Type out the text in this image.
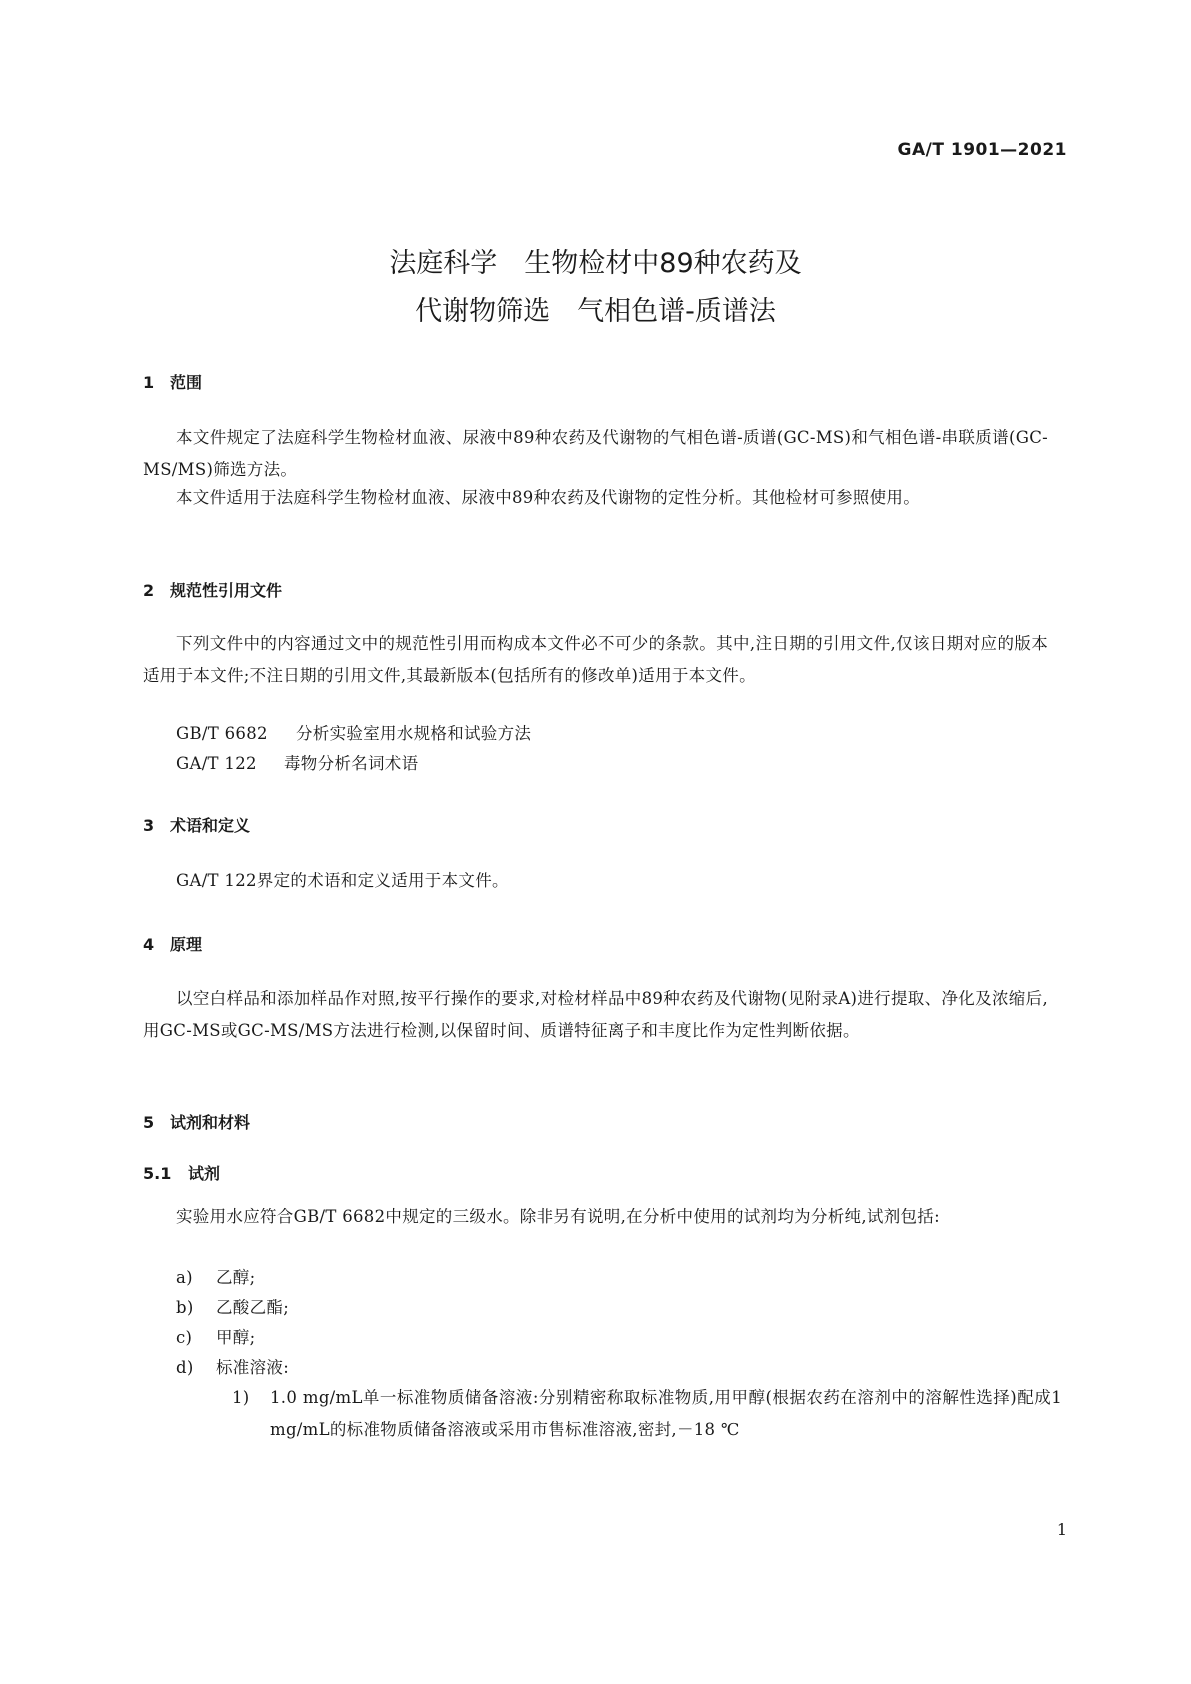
GA/T 1901—2021
法庭科学　生物检材中89种农药及
代谢物筛选　气相色谱-质谱法
1 范围
本文件规定了法庭科学生物检材血液、尿液中89种农药及代谢物的气相色谱-质谱(GC-MS)和气相色谱-串联质谱(GC-MS/MS)筛选方法。
本文件适用于法庭科学生物检材血液、尿液中89种农药及代谢物的定性分析。其他检材可参照使用。
2 规范性引用文件
下列文件中的内容通过文中的规范性引用而构成本文件必不可少的条款。其中,注日期的引用文件,仅该日期对应的版本适用于本文件;不注日期的引用文件,其最新版本(包括所有的修改单)适用于本文件。
GB/T 6682 分析实验室用水规格和试验方法
GA/T 122 毒物分析名词术语
3 术语和定义
GA/T 122界定的术语和定义适用于本文件。
4 原理
以空白样品和添加样品作对照,按平行操作的要求,对检材样品中89种农药及代谢物(见附录A)进行提取、净化及浓缩后,用GC-MS或GC-MS/MS方法进行检测,以保留时间、质谱特征离子和丰度比作为定性判断依据。
5 试剂和材料
5.1 试剂
实验用水应符合GB/T 6682中规定的三级水。除非另有说明,在分析中使用的试剂均为分析纯,试剂包括:
a) 乙醇;
b) 乙酸乙酯;
c) 甲醇;
d) 标准溶液:
1) 1.0 mg/mL单一标准物质储备溶液:分别精密称取标准物质,用甲醇(根据农药在溶剂中的溶解性选择)配成1 mg/mL的标准物质储备溶液或采用市售标准溶液,密封,－18 ℃
1
